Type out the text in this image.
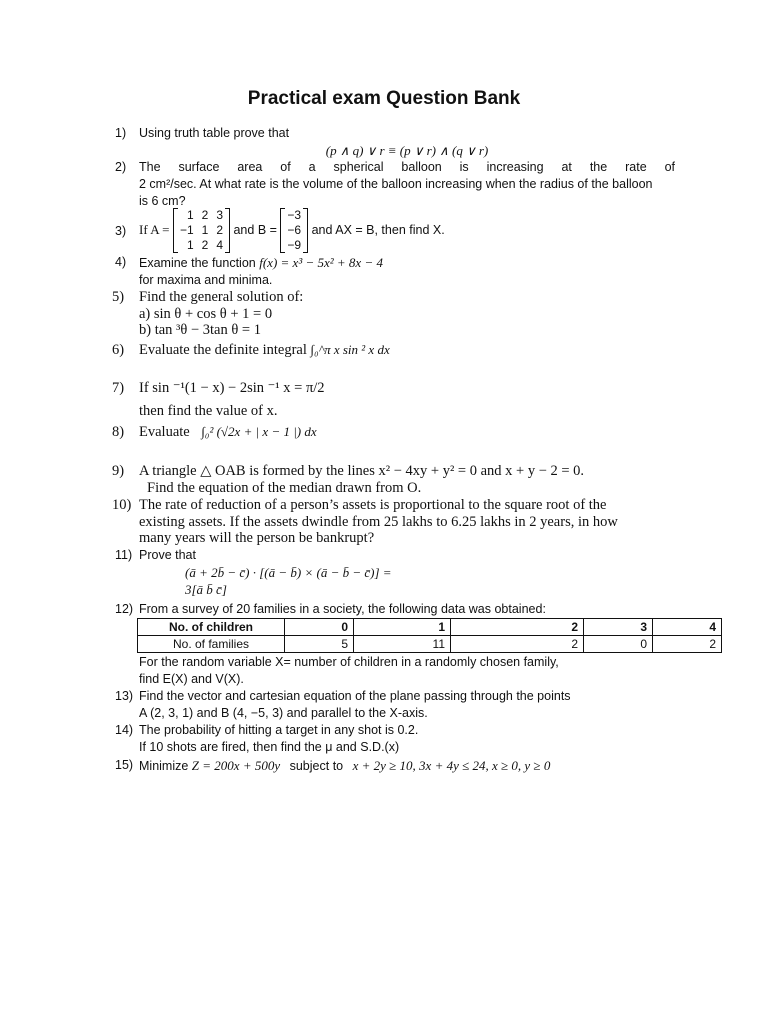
Practical exam Question Bank
1)	Using truth table prove that
(p ∧ q) ∨ r ≡ (p ∨ r) ∧ (q ∨ r)
2)	The surface area of a spherical balloon is increasing at the rate of
2 cm²/sec. At what rate is the volume of the balloon increasing when the radius of the balloon
is 6 cm?
3) If A =
1	2	3
−1	1	2
1	2	4
and B =
−3
−6
−9
and AX = B, then find X.
4)	Examine the function f(x) = x³ − 5x² + 8x − 4
for maxima and minima.
5)	Find the general solution of:
a) sin θ + cos θ + 1 = 0
b) tan ³θ − 3tan θ = 1
6)	Evaluate the definite integral ∫₀^π x sin ² x dx
7)	If sin ⁻¹(1 − x) − 2sin ⁻¹ x = π/2
then find the value of x.
8)	Evaluate ∫₀² (√2x + | x − 1 |) dx
9)	A triangle △ OAB is formed by the lines x² − 4xy + y² = 0 and x + y − 2 = 0.
Find the equation of the median drawn from O.
10) The rate of reduction of a person’s assets is proportional to the square root of the
existing assets. If the assets dwindle from 25 lakhs to 6.25 lakhs in 2 years, in how
many years will the person be bankrupt?
11) Prove that
(ā + 2b̄ − c̄) · [(ā − b̄) × (ā − b̄ − c̄)] =
3[ā b̄ c̄]
12) From a survey of 20 families in a society, the following data was obtained:
No. of children	0	1	2	3	4
No. of families	5	11	2	0	2
For the random variable X= number of children in a randomly chosen family,
find E(X) and V(X).
13) Find the vector and cartesian equation of the plane passing through the points
A (2, 3, 1) and B (4, −5, 3) and parallel to the X-axis.
14) The probability of hitting a target in any shot is 0.2.
If 10 shots are fired, then find the μ and S.D.(x)
15) Minimize Z = 200x + 500y subject to x + 2y ≥ 10, 3x + 4y ≤ 24, x ≥ 0, y ≥ 0
